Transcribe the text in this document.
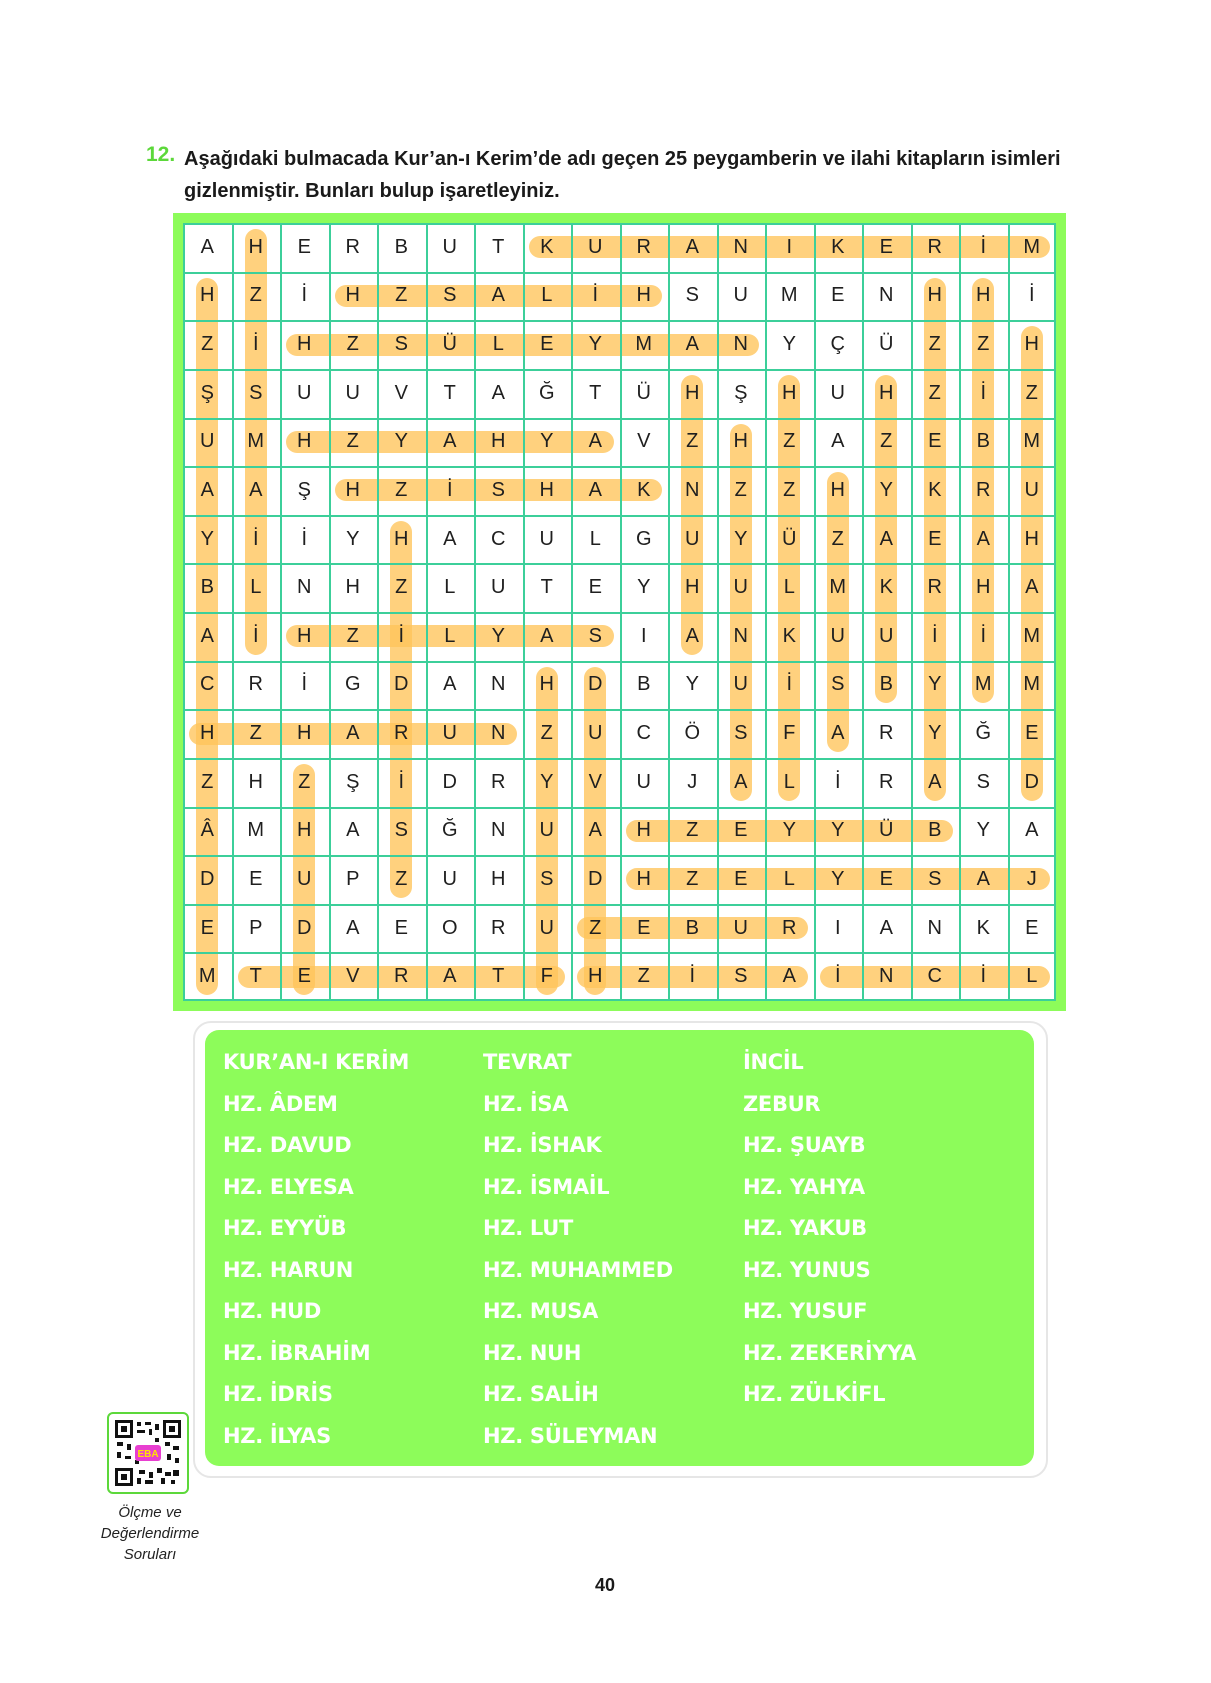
12. Aşağıdaki bulmacada Kur’an-ı Kerim’de adı geçen 25 peygamberin ve ilahi kitapların isimleri gizlenmiştir. Bunları bulup işaretleyiniz.
A	H	E	R	B	U	T	K	U	R	A	N	I	K	E	R	İ	M
H	Z	İ	H	Z	S	A	L	İ	H	S	U	M	E	N	H	H	İ
Z	İ	H	Z	S	Ü	L	E	Y	M	A	N	Y	Ç	Ü	Z	Z	H
Ş	S	U	U	V	T	A	Ğ	T	Ü	H	Ş	H	U	H	Z	İ	Z
U	M	H	Z	Y	A	H	Y	A	V	Z	H	Z	A	Z	E	B	M
A	A	Ş	H	Z	İ	S	H	A	K	N	Z	Z	H	Y	K	R	U
Y	İ	İ	Y	H	A	C	U	L	G	U	Y	Ü	Z	A	E	A	H
B	L	N	H	Z	L	U	T	E	Y	H	U	L	M	K	R	H	A
A	İ	H	Z	İ	L	Y	A	S	I	A	N	K	U	U	İ	İ	M
C	R	İ	G	D	A	N	H	D	B	Y	U	İ	S	B	Y	M	M
H	Z	H	A	R	U	N	Z	U	C	Ö	S	F	A	R	Y	Ğ	E
Z	H	Z	Ş	İ	D	R	Y	V	U	J	A	L	İ	R	A	S	D
Â	M	H	A	S	Ğ	N	U	A	H	Z	E	Y	Y	Ü	B	Y	A
D	E	U	P	Z	U	H	S	D	H	Z	E	L	Y	E	S	A	J
E	P	D	A	E	O	R	U	Z	E	B	U	R	I	A	N	K	E
M	T	E	V	R	A	T	F	H	Z	İ	S	A	İ	N	C	İ	L
KUR’AN-I KERİM
HZ. ÂDEM
HZ. DAVUD
HZ. ELYESA
HZ. EYYÜB
HZ. HARUN
HZ. HUD
HZ. İBRAHİM
HZ. İDRİS
HZ. İLYAS
TEVRAT
HZ. İSA
HZ. İSHAK
HZ. İSMAİL
HZ. LUT
HZ. MUHAMMED
HZ. MUSA
HZ. NUH
HZ. SALİH
HZ. SÜLEYMAN
İNCİL
ZEBUR
HZ. ŞUAYB
HZ. YAHYA
HZ. YAKUB
HZ. YUNUS
HZ. YUSUF
HZ. ZEKERİYYA
HZ. ZÜLKİFL
EBA
Ölçme ve
Değerlendirme
Soruları
40
